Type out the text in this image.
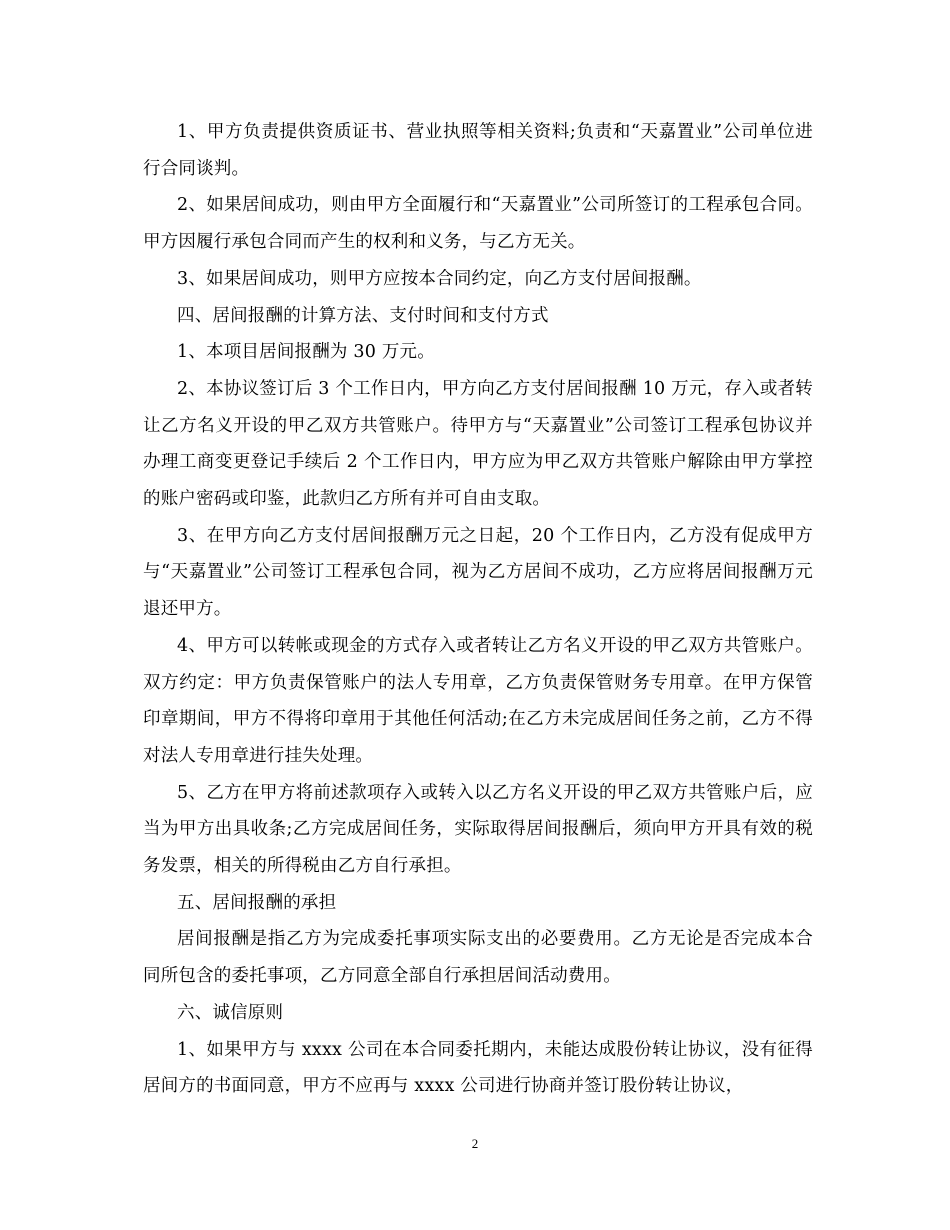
1、甲方负责提供资质证书、营业执照等相关资料;负责和“天嘉置业”公司单位进行合同谈判。

2、如果居间成功，则由甲方全面履行和“天嘉置业”公司所签订的工程承包合同。甲方因履行承包合同而产生的权利和义务，与乙方无关。

3、如果居间成功，则甲方应按本合同约定，向乙方支付居间报酬。

四、居间报酬的计算方法、支付时间和支付方式

1、本项目居间报酬为 30 万元。

2、本协议签订后 3 个工作日内，甲方向乙方支付居间报酬 10 万元，存入或者转让乙方名义开设的甲乙双方共管账户。待甲方与“天嘉置业”公司签订工程承包协议并办理工商变更登记手续后 2 个工作日内，甲方应为甲乙双方共管账户解除由甲方掌控的账户密码或印鉴，此款归乙方所有并可自由支取。

3、在甲方向乙方支付居间报酬万元之日起，20 个工作日内，乙方没有促成甲方与“天嘉置业”公司签订工程承包合同，视为乙方居间不成功，乙方应将居间报酬万元退还甲方。

4、甲方可以转帐或现金的方式存入或者转让乙方名义开设的甲乙双方共管账户。双方约定：甲方负责保管账户的法人专用章，乙方负责保管财务专用章。在甲方保管印章期间，甲方不得将印章用于其他任何活动;在乙方未完成居间任务之前，乙方不得对法人专用章进行挂失处理。

5、乙方在甲方将前述款项存入或转入以乙方名义开设的甲乙双方共管账户后，应当为甲方出具收条;乙方完成居间任务，实际取得居间报酬后，须向甲方开具有效的税务发票，相关的所得税由乙方自行承担。

五、居间报酬的承担

居间报酬是指乙方为完成委托事项实际支出的必要费用。乙方无论是否完成本合同所包含的委托事项，乙方同意全部自行承担居间活动费用。

六、诚信原则

1、如果甲方与 xxxx 公司在本合同委托期内，未能达成股份转让协议，没有征得居间方的书面同意，甲方不应再与 xxxx 公司进行协商并签订股份转让协议，

2
